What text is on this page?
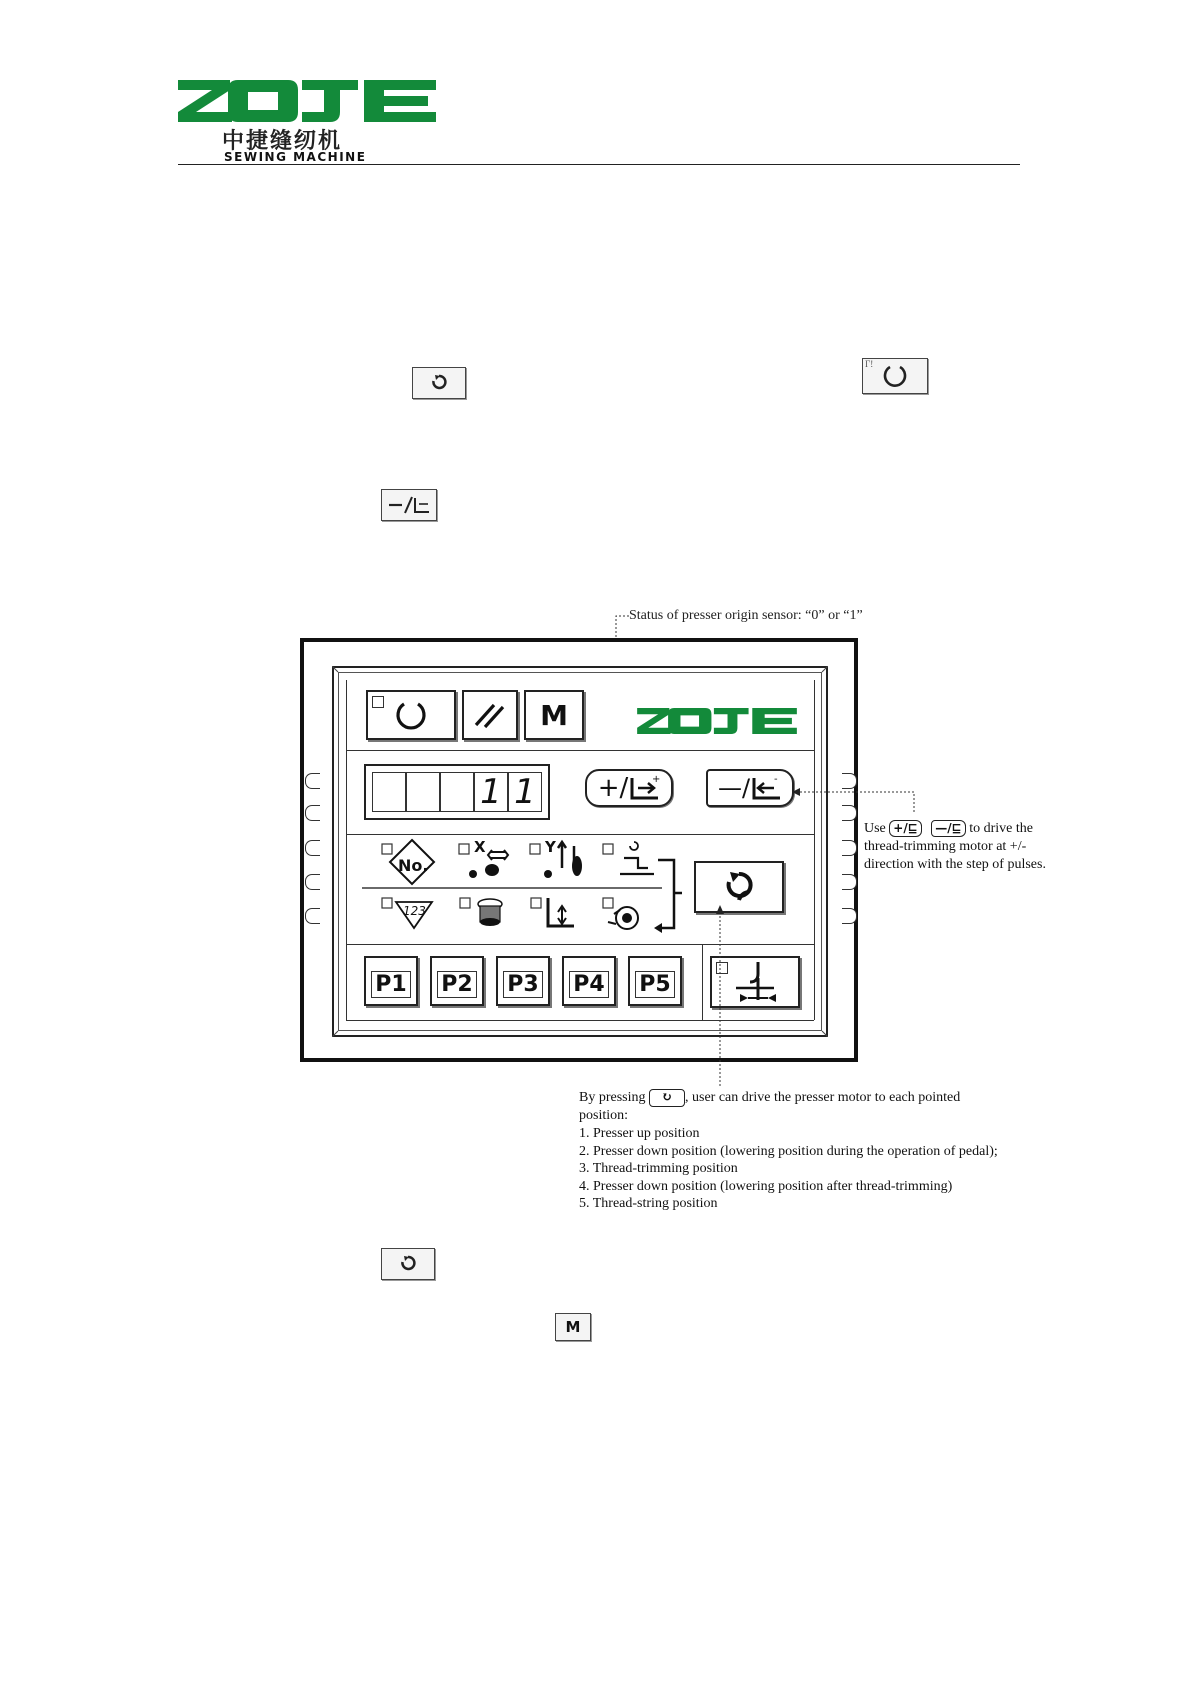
中捷缝纫机
SEWING MACHINE
Γ!
M
Status of presser origin sensor: “0” or “1”
M
1 1 +/ + —/ -
No.
X	Y
123
P1 P2 P3 P4 P5
Use +/⊑ —/⊑ to drive the
thread-trimming motor at +/-
direction with the step of pulses.
By pressing ↻ , user can drive the presser motor to each pointed
position:
1. Presser up position
2. Presser down position (lowering position during the operation of pedal);
3. Thread-trimming position
4. Presser down position (lowering position after thread-trimming)
5. Thread-string position
